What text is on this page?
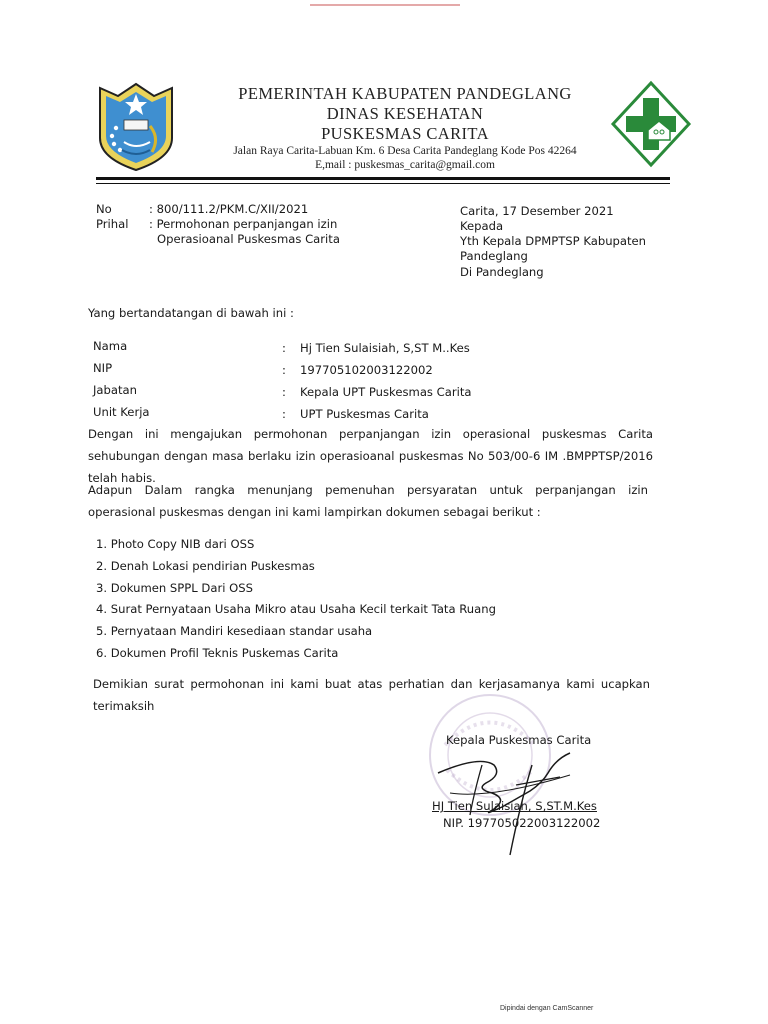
PEMERINTAH KABUPATEN PANDEGLANG
DINAS KESEHATAN
PUSKESMAS CARITA
Jalan Raya Carita-Labuan Km. 6 Desa Carita Pandeglang Kode Pos 42264
E,mail : puskesmas_carita@gmail.com
No	: 800/111.2/PKM.C/XII/2021
Prihal : Permohonan perpanjangan izin
Operasioanal Puskesmas Carita
Carita, 17 Desember 2021
Kepada
Yth Kepala DPMPTSP Kabupaten
Pandeglang
Di Pandeglang
Yang bertandatangan di bawah ini :
Nama	: Hj Tien Sulaisiah, S,ST M..Kes
NIP	: 197705102003122002
Jabatan	: Kepala UPT Puskesmas Carita
Unit Kerja	: UPT Puskesmas Carita
Dengan ini mengajukan permohonan perpanjangan izin operasional puskesmas Carita sehubungan dengan masa berlaku izin operasioanal puskesmas No 503/00-6 IM .BMPPTSP/2016 telah habis.
Adapun Dalam rangka menunjang pemenuhan persyaratan untuk perpanjangan izin operasional puskesmas dengan ini kami lampirkan dokumen sebagai berikut :
1. Photo Copy NIB dari OSS
2. Denah Lokasi pendirian Puskesmas
3. Dokumen SPPL Dari OSS
4. Surat Pernyataan Usaha Mikro atau Usaha Kecil terkait Tata Ruang
5. Pernyataan Mandiri kesediaan standar usaha
6. Dokumen Profil Teknis Puskemas Carita
Demikian surat permohonan ini kami buat atas perhatian dan kerjasamanya kami ucapkan terimaksih
Kepala Puskesmas Carita
HJ Tien Sulaisiah, S,ST.M.Kes
NIP. 197705022003122002
Dipindai dengan CamScanner
